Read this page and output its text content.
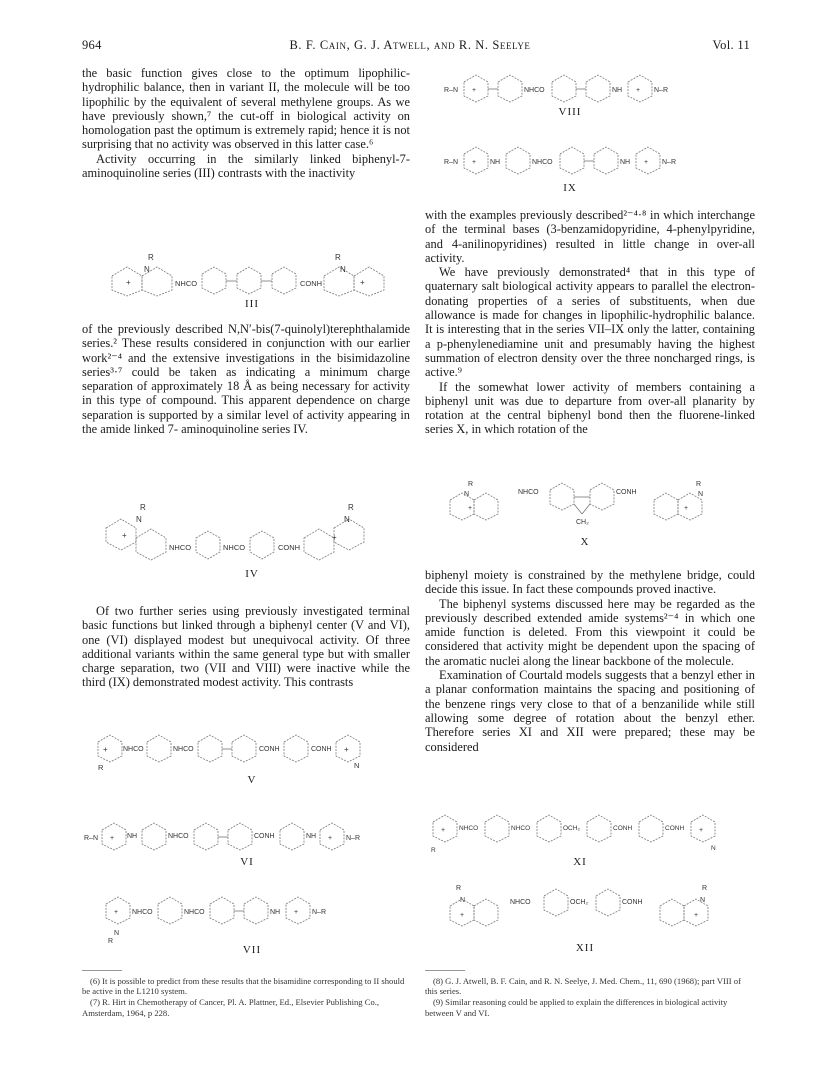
964	B. F. Cain, G. J. Atwell, and R. N. Seelye	Vol. 11

the basic function gives close to the optimum lipophilic-hydrophilic balance, then in variant II, the molecule will be too lipophilic by the equivalent of several methylene groups. As we have previously shown,⁷ the cut-off in biological activity on homologation past the optimum is extremely rapid; hence it is not surprising that no activity was observed in this latter case.⁶

Activity occurring in the similarly linked biphenyl-7-aminoquinoline series (III) contrasts with the inactivity

R
N
+	NHCO	CONH
R
N
+
III

of the previously described N,N′-bis(7-quinolyl)terephthalamide series.² These results considered in conjunction with our earlier work²⁻⁴ and the extensive investigations in the bisimidazoline series³·⁷ could be taken as indicating a minimum charge separation of approximately 18 Å as being necessary for activity in this type of compound. This apparent dependence on charge separation is supported by a similar level of activity appearing in the amide linked 7- aminoquinoline series IV.

R
N
+
NHCO	NHCO	CONH
R
N
+
IV

Of two further series using previously investigated terminal basic functions but linked through a biphenyl center (V and VI), one (VI) displayed modest but unequivocal activity. Of three additional variants within the same general type but with smaller charge separation, two (VII and VIII) were inactive while the third (IX) demonstrated modest activity. This contrasts

+
R
NHCO	NHCO	CONH	CONH +
N
V
R–N + NH	NHCO	CONH	NH + N–R
VI
+
N
R
NHCO	NHCO	NH + N–R
VII

(6) It is possible to predict from these results that the bisamidine corresponding to II should be active in the L1210 system.

(7) R. Hirt in Chemotherapy of Cancer, Pl. A. Plattner, Ed., Elsevier Publishing Co., Amsterdam, 1964, p 228.

R–N +	NHCO	NH + N–R
VIII
R–N + NH	NHCO	NH + N–R
IX

with the examples previously described²⁻⁴·⁸ in which interchange of the terminal bases (3-benzamidopyridine, 4-phenylpyridine, and 4-anilinopyridines) resulted in little change in over-all activity.

We have previously demonstrated⁴ that in this type of quaternary salt biological activity appears to parallel the electron-donating properties of a series of substituents, when due allowance is made for changes in lipophilic-hydrophilic balance. It is interesting that in the series VII–IX only the latter, containing a p-phenylenediamine unit and presumably having the highest summation of electron density over the three noncharged rings, is active.⁹

If the somewhat lower activity of members containing a biphenyl unit was due to departure from over-all planarity by rotation at the central biphenyl bond then the fluorene-linked series X, in which rotation of the

R
N
+
NHCO
CH₂
CONH
R
N
+
X

biphenyl moiety is constrained by the methylene bridge, could decide this issue. In fact these compounds proved inactive.

The biphenyl systems discussed here may be regarded as the previously described extended amide systems²⁻⁴ in which one amide function is deleted. From this viewpoint it could be considered that activity might be dependent upon the spacing of the aromatic nuclei along the linear backbone of the molecule.

Examination of Courtald models suggests that a benzyl ether in a planar conformation maintains the spacing and positioning of the benzene rings very close to that of a benzanilide while still allowing some degree of rotation about the benzyl ether. Therefore series XI and XII were prepared; these may be considered

+
R
NHCO	NHCO	OCH₂	CONH	CONH +
N
XI
R
N
+
NHCO	OCH₂	CONH
R
N
+
XII

(8) G. J. Atwell, B. F. Cain, and R. N. Seelye, J. Med. Chem., 11, 690 (1968); part VIII of this series.

(9) Similar reasoning could be applied to explain the differences in biological activity between V and VI.
